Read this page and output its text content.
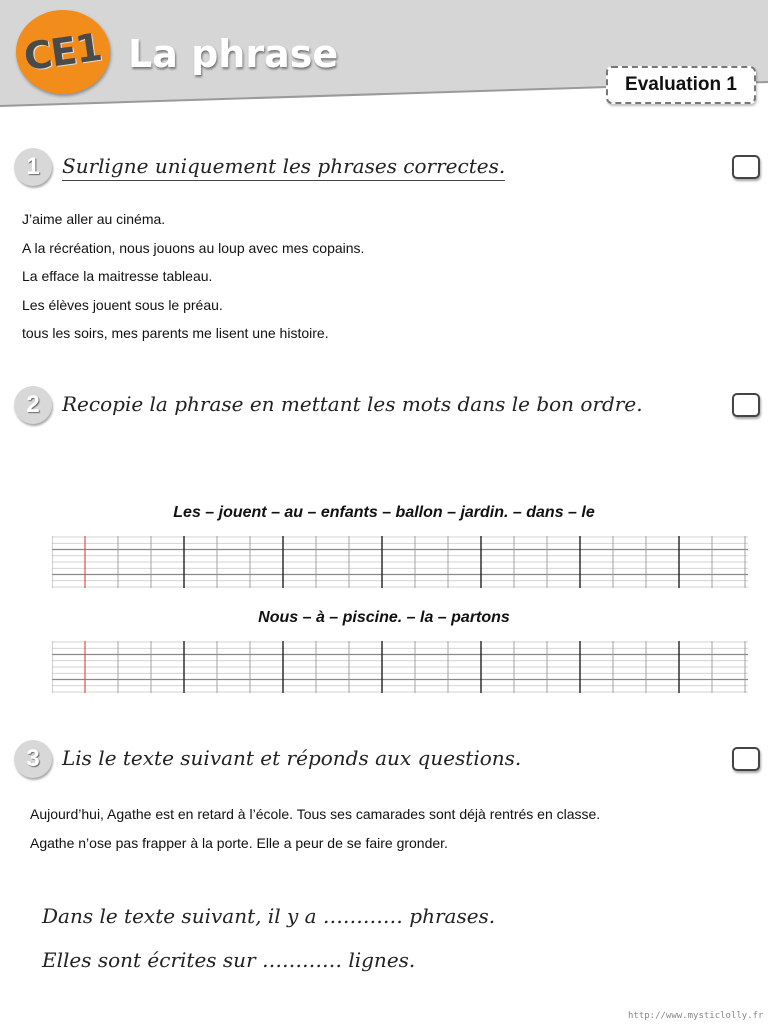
CE1 La phrase
Evaluation 1
1	Surligne uniquement les phrases correctes.
J’aime aller au cinéma.
A la récréation, nous jouons au loup avec mes copains.
La efface la maitresse tableau.
Les élèves jouent sous le préau.
tous les soirs, mes parents me lisent une histoire.
2	Recopie la phrase en mettant les mots dans le bon ordre.
Les – jouent – au – enfants – ballon – jardin. – dans – le
Nous – à – piscine. – la – partons
3	Lis le texte suivant et réponds aux questions.
Aujourd’hui, Agathe est en retard à l’école. Tous ses camarades sont déjà rentrés en classe.
Agathe n’ose pas frapper à la porte. Elle a peur de se faire gronder.
Dans le texte suivant, il y a ………… phrases.
Elles sont écrites sur ………… lignes.
http://www.mysticlolly.fr
